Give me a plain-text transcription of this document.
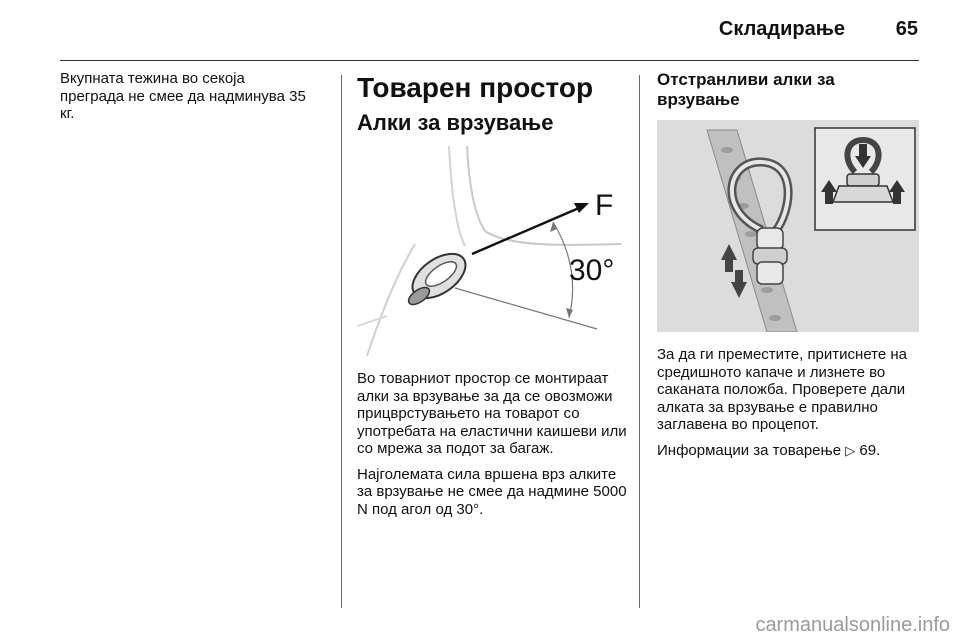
Складирање	65

Вкупната тежина во секоја преграда не смее да надминува 35 кг.

Товарен простор
Алки за врзување
F
30°

Во товарниот простор се монтираат алки за врзување за да се овозможи прицврстувањето на товарот со употребата на еластични каишеви или со мрежа за подот за багаж.

Најголемата сила вршена врз алките за врзување не смее да надмине 5000 N под агол од 30°.

Отстранливи алки за врзување

За да ги преместите, притиснете на средишното капаче и лизнете во саканата положба. Проверете дали алката за врзување е правилно заглавена во процепот.

Информации за товарење ▷ 69.

carmanualsonline.info
